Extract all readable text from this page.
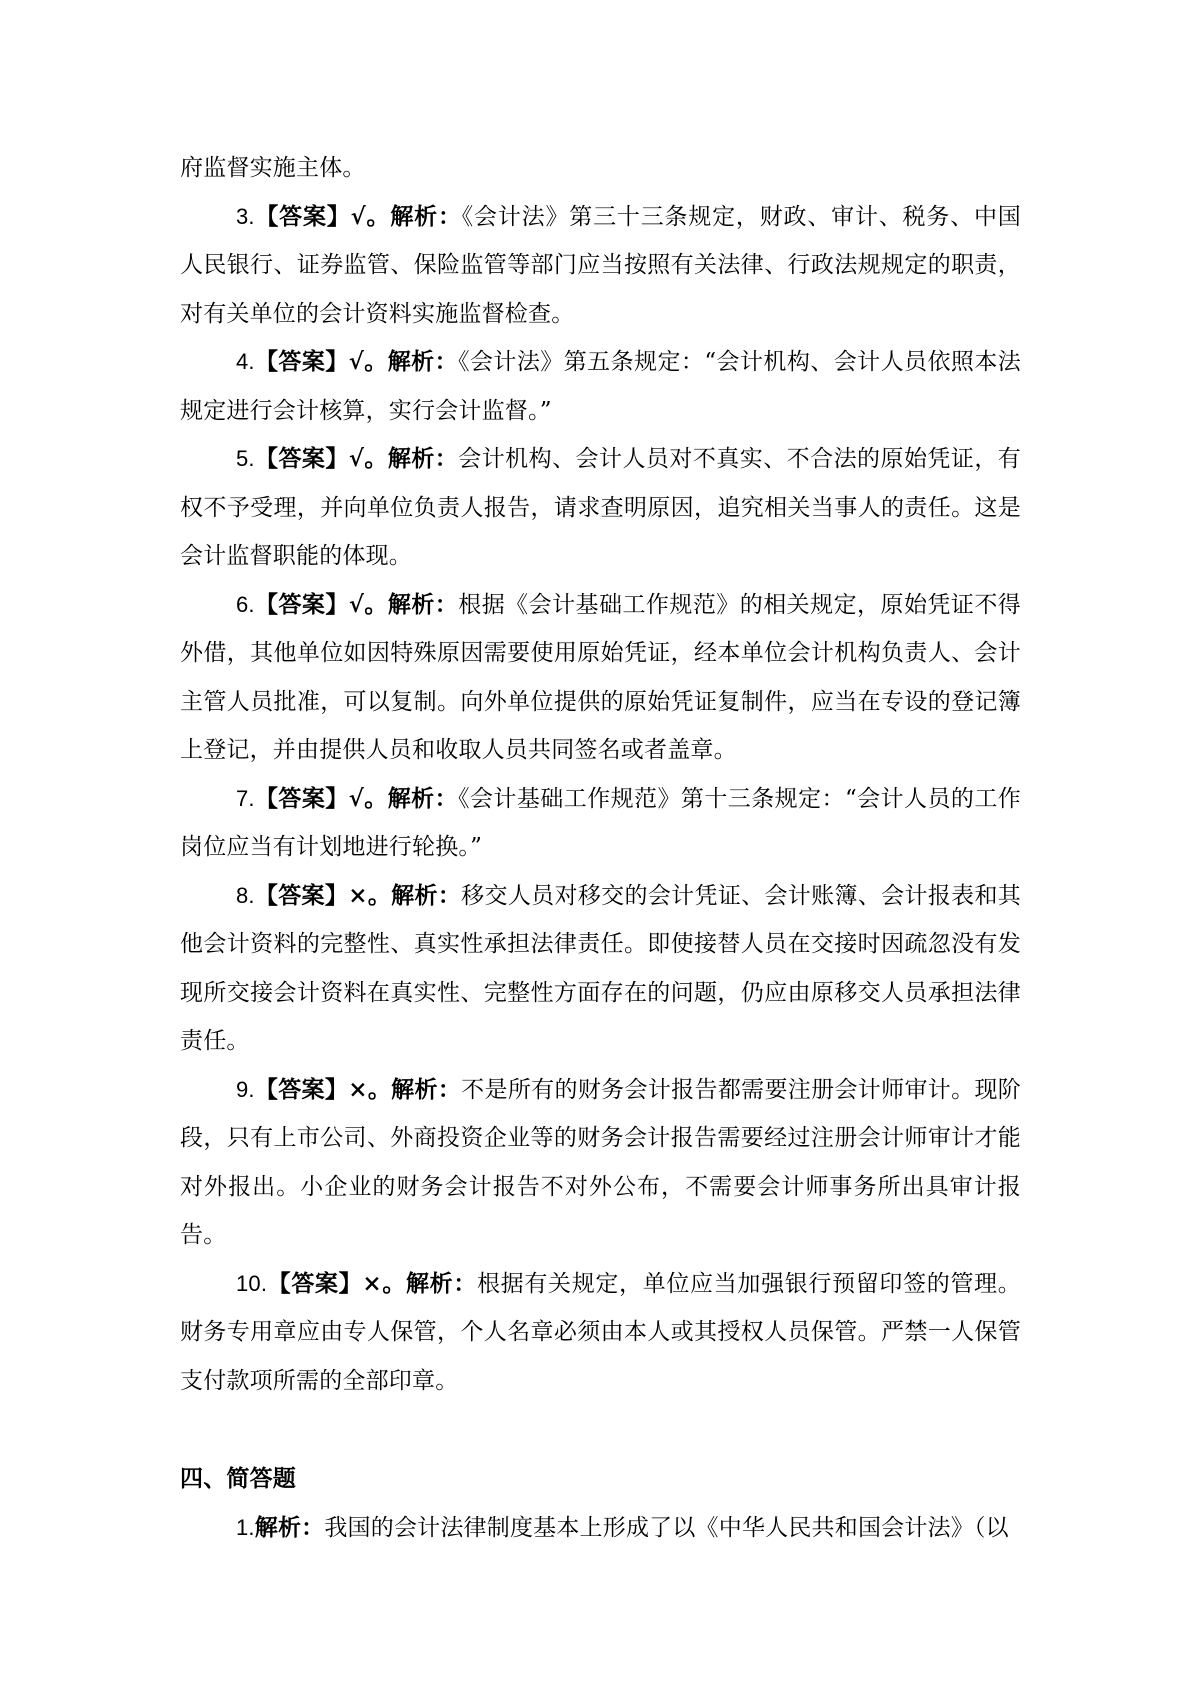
府监督实施主体。

3.【答案】√。解析：《会计法》第三十三条规定，财政、审计、税务、中国人民银行、证券监管、保险监管等部门应当按照有关法律、行政法规规定的职责，对有关单位的会计资料实施监督检查。

4.【答案】√。解析：《会计法》第五条规定：“会计机构、会计人员依照本法规定进行会计核算，实行会计监督。”

5.【答案】√。解析：会计机构、会计人员对不真实、不合法的原始凭证，有权不予受理，并向单位负责人报告，请求查明原因，追究相关当事人的责任。这是会计监督职能的体现。

6.【答案】√。解析：根据《会计基础工作规范》的相关规定，原始凭证不得外借，其他单位如因特殊原因需要使用原始凭证，经本单位会计机构负责人、会计主管人员批准，可以复制。向外单位提供的原始凭证复制件，应当在专设的登记簿上登记，并由提供人员和收取人员共同签名或者盖章。

7.【答案】√。解析：《会计基础工作规范》第十三条规定：“会计人员的工作岗位应当有计划地进行轮换。”

8.【答案】×。解析：移交人员对移交的会计凭证、会计账簿、会计报表和其他会计资料的完整性、真实性承担法律责任。即使接替人员在交接时因疏忽没有发现所交接会计资料在真实性、完整性方面存在的问题，仍应由原移交人员承担法律责任。

9.【答案】×。解析：不是所有的财务会计报告都需要注册会计师审计。现阶段，只有上市公司、外商投资企业等的财务会计报告需要经过注册会计师审计才能对外报出。小企业的财务会计报告不对外公布，不需要会计师事务所出具审计报告。

10.【答案】×。解析：根据有关规定，单位应当加强银行预留印签的管理。财务专用章应由专人保管，个人名章必须由本人或其授权人员保管。严禁一人保管支付款项所需的全部印章。

四、简答题

1.解析：我国的会计法律制度基本上形成了以《中华人民共和国会计法》（以
